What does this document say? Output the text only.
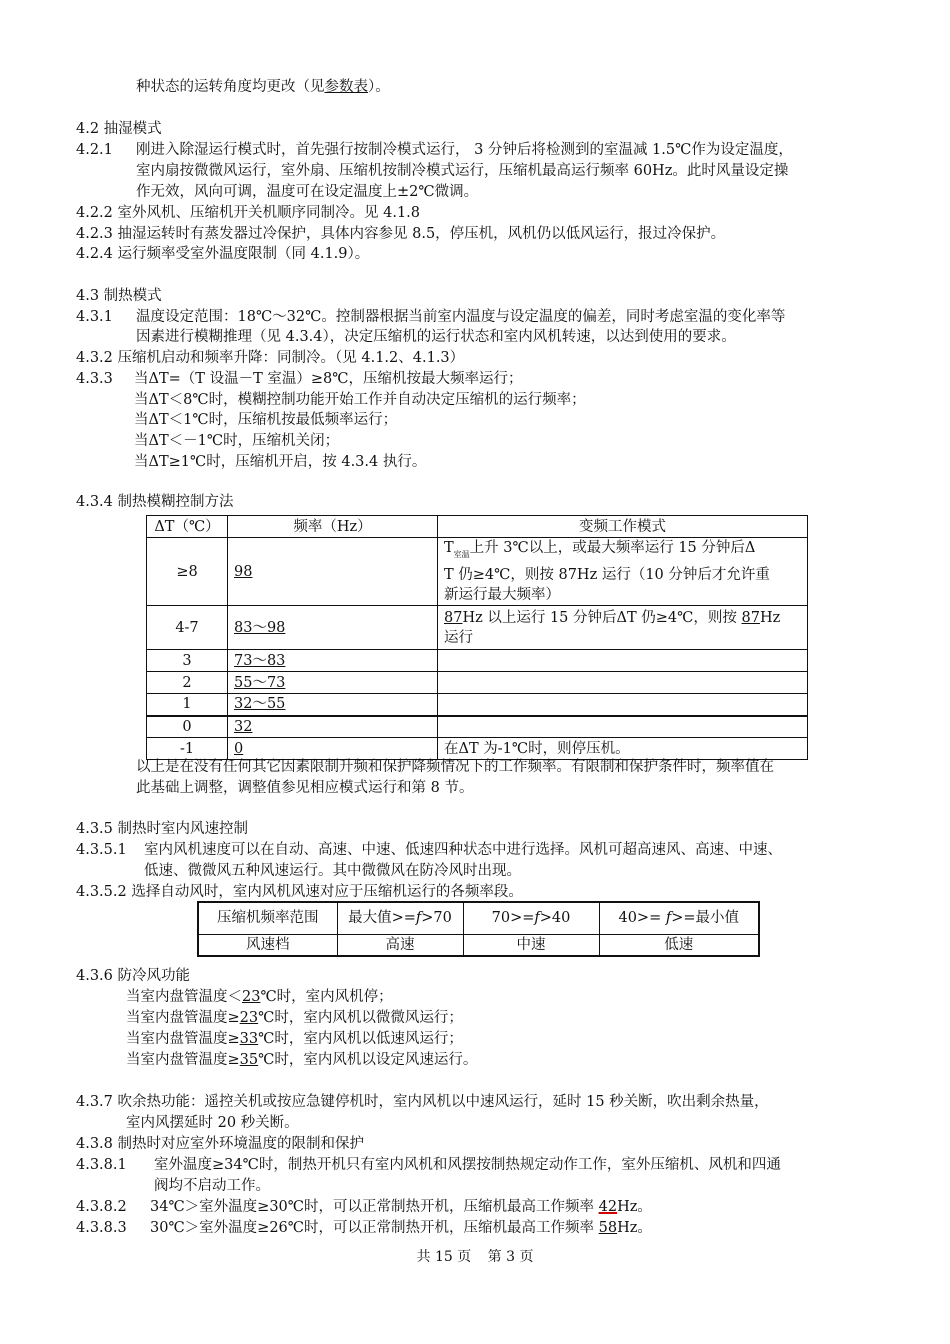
种状态的运转角度均更改（见参数表）。
4.2 抽湿模式
4.2.1 刚进入除湿运行模式时，首先强行按制冷模式运行， 3 分钟后将检测到的室温减 1.5℃作为设定温度，
室内扇按微微风运行，室外扇、压缩机按制冷模式运行，压缩机最高运行频率 60Hz。此时风量设定操
作无效，风向可调，温度可在设定温度上±2℃微调。
4.2.2 室外风机、压缩机开关机顺序同制冷。见 4.1.8
4.2.3 抽湿运转时有蒸发器过冷保护，具体内容参见 8.5，停压机，风机仍以低风运行，报过冷保护。
4.2.4 运行频率受室外温度限制（同 4.1.9）。
4.3 制热模式
4.3.1 温度设定范围：18℃～32℃。控制器根据当前室内温度与设定温度的偏差，同时考虑室温的变化率等
因素进行模糊推理（见 4.3.4），决定压缩机的运行状态和室内风机转速，以达到使用的要求。
4.3.2 压缩机启动和频率升降：同制冷。（见 4.1.2、4.1.3）
4.3.3 当ΔT=（T 设温－T 室温）≥8℃，压缩机按最大频率运行；
当ΔT＜8℃时，模糊控制功能开始工作并自动决定压缩机的运行频率；
当ΔT＜1℃时，压缩机按最低频率运行；
当ΔT＜－1℃时，压缩机关闭；
当ΔT≥1℃时，压缩机开启，按 4.3.4 执行。
4.3.4 制热模糊控制方法
ΔT（℃）	频率（Hz）	变频工作模式
≥8	98	$T_{室温}$上升 3℃以上，或最大频率运行 15 分钟后Δ
T 仍≥4℃，则按 87Hz 运行（10 分钟后才允许重
新运行最大频率）

4-7	83～98	87Hz 以上运行 15 分钟后ΔT 仍≥4℃，则按 87Hz
运行

3	73～83	
2	55～73	
1	32～55	
0	32	
-1	0	在ΔT 为-1℃时，则停压机。
以上是在没有任何其它因素限制升频和保护降频情况下的工作频率。有限制和保护条件时，频率值在
此基础上调整，调整值参见相应模式运行和第 8 节。
4.3.5 制热时室内风速控制
4.3.5.1 室内风机速度可以在自动、高速、中速、低速四种状态中进行选择。风机可超高速风、高速、中速、
低速、微微风五种风速运行。其中微微风在防冷风时出现。
4.3.5.2 选择自动风时，室内风机风速对应于压缩机运行的各频率段。
压缩机频率范围	最大值>=f>70	70>=f>40	40>= f>=最小值
风速档	高速	中速	低速
4.3.6 防冷风功能
当室内盘管温度＜23℃时，室内风机停；
当室内盘管温度≥23℃时，室内风机以微微风运行；
当室内盘管温度≥33℃时，室内风机以低速风运行；
当室内盘管温度≥35℃时，室内风机以设定风速运行。
4.3.7 吹余热功能：遥控关机或按应急键停机时，室内风机以中速风运行，延时 15 秒关断，吹出剩余热量，
室内风摆延时 20 秒关断。
4.3.8 制热时对应室外环境温度的限制和保护
4.3.8.1 室外温度≥34℃时，制热开机只有室内风机和风摆按制热规定动作工作，室外压缩机、风机和四通
阀均不启动工作。
4.3.8.2 34℃＞室外温度≥30℃时，可以正常制热开机，压缩机最高工作频率 42Hz。
4.3.8.3 30℃＞室外温度≥26℃时，可以正常制热开机，压缩机最高工作频率 58Hz。
共 15 页 第 3 页
